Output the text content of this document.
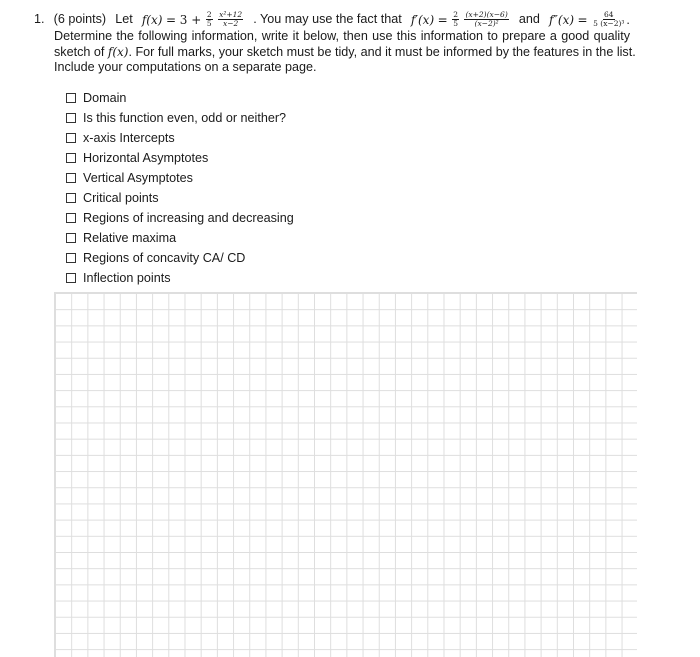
1. (6 points) Let $f(x) = 3 + \frac{2}{5}$
$\frac{\text{x²+12}}{x-2}$ . You may use the fact that $f'(x) = \frac{2}{5}$
$\frac{(x+2)(x-6)}{\text{(x−2)²}}$ and $f''(x) = \frac{64}{\text{5 (x−2)³}}$ .
Determine the following information, write it below, then use this information to prepare a good quality
sketch of f(x). For full marks, your sketch must be tidy, and it must be informed by the features in the list.
Include your computations on a separate page.
Domain
Is this function even, odd or neither?
x-axis Intercepts
Horizontal Asymptotes
Vertical Asymptotes
Critical points
Regions of increasing and decreasing
Relative maxima
Regions of concavity CA/ CD
Inflection points
